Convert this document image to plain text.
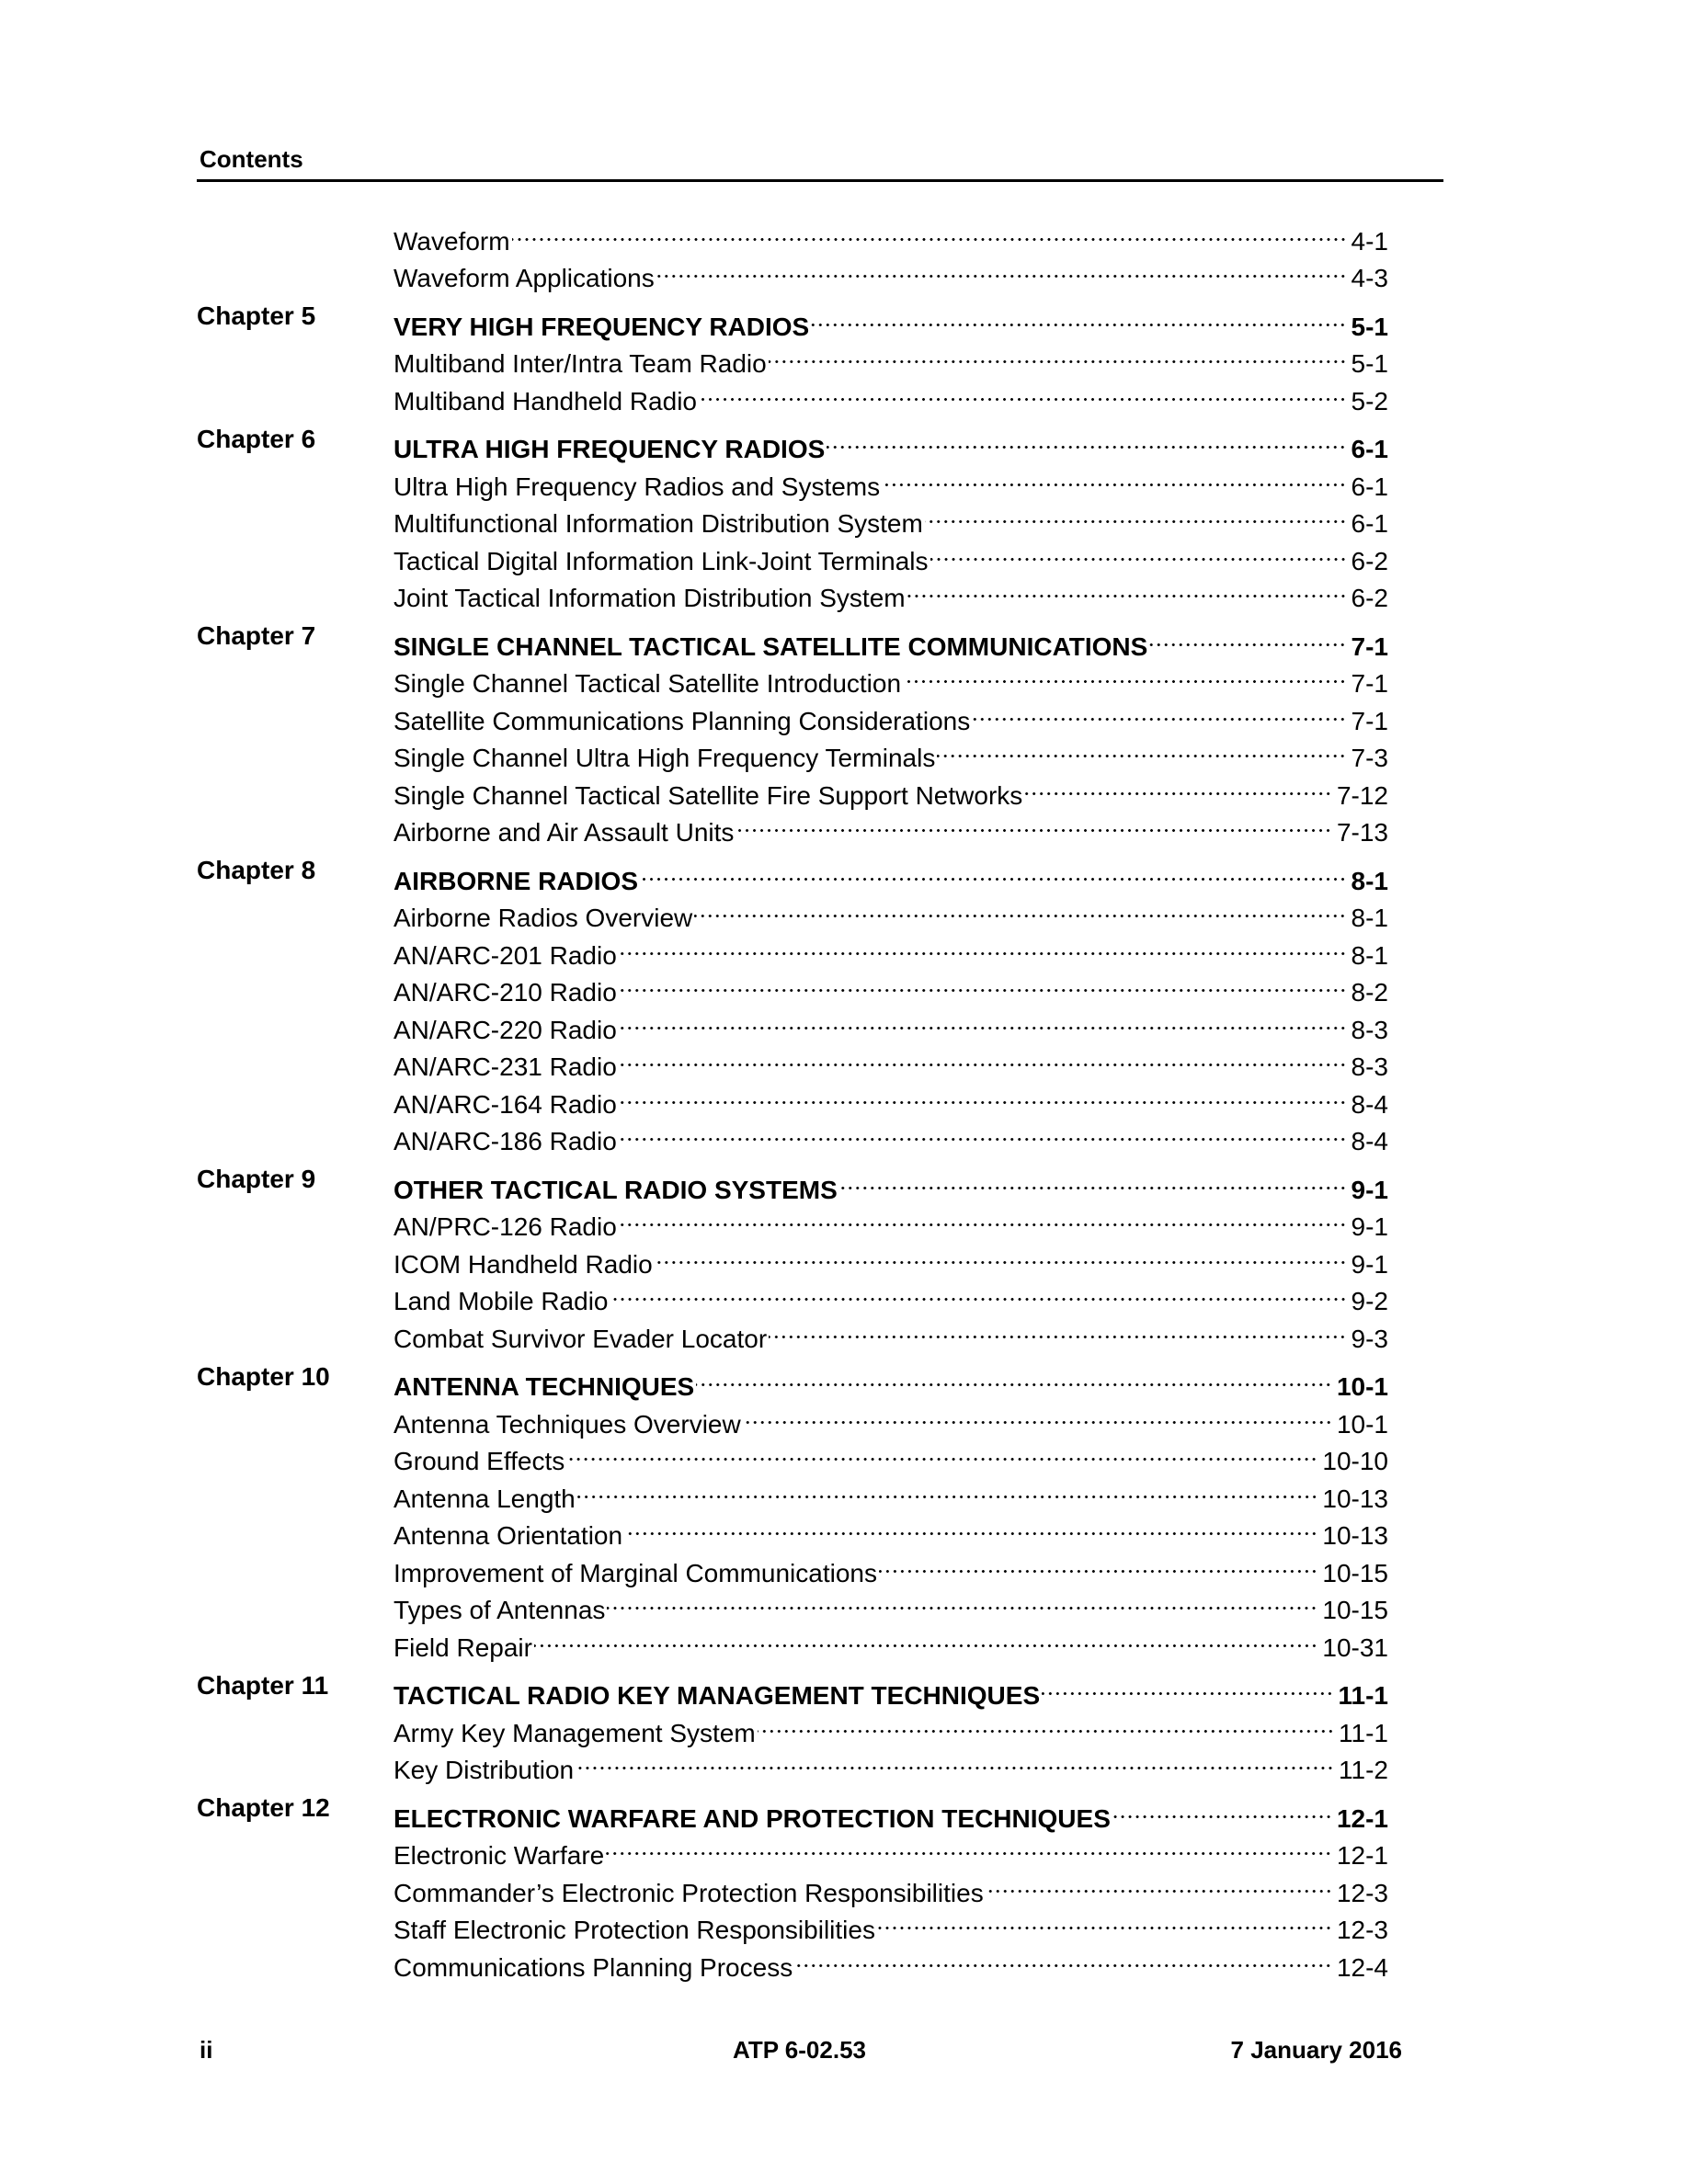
Contents
Waveform	4-1
Waveform Applications	4-3
Chapter 5	VERY HIGH FREQUENCY RADIOS	5-1
Multiband Inter/Intra Team Radio	5-1
Multiband Handheld Radio	5-2
Chapter 6	ULTRA HIGH FREQUENCY RADIOS	6-1
Ultra High Frequency Radios and Systems	6-1
Multifunctional Information Distribution System	6-1
Tactical Digital Information Link-Joint Terminals	6-2
Joint Tactical Information Distribution System	6-2
Chapter 7	SINGLE CHANNEL TACTICAL SATELLITE COMMUNICATIONS	7-1
Single Channel Tactical Satellite Introduction	7-1
Satellite Communications Planning Considerations	7-1
Single Channel Ultra High Frequency Terminals	7-3
Single Channel Tactical Satellite Fire Support Networks	7-12
Airborne and Air Assault Units	7-13
Chapter 8	AIRBORNE RADIOS	8-1
Airborne Radios Overview	8-1
AN/ARC-201 Radio	8-1
AN/ARC-210 Radio	8-2
AN/ARC-220 Radio	8-3
AN/ARC-231 Radio	8-3
AN/ARC-164 Radio	8-4
AN/ARC-186 Radio	8-4
Chapter 9	OTHER TACTICAL RADIO SYSTEMS	9-1
AN/PRC-126 Radio	9-1
ICOM Handheld Radio	9-1
Land Mobile Radio	9-2
Combat Survivor Evader Locator	9-3
Chapter 10 ANTENNA TECHNIQUES	10-1
Antenna Techniques Overview	10-1
Ground Effects	10-10
Antenna Length	10-13
Antenna Orientation	10-13
Improvement of Marginal Communications	10-15
Types of Antennas	10-15
Field Repair	10-31
Chapter 11	TACTICAL RADIO KEY MANAGEMENT TECHNIQUES	11-1
Army Key Management System	11-1
Key Distribution	11-2
Chapter 12 ELECTRONIC WARFARE AND PROTECTION TECHNIQUES	12-1
Electronic Warfare	12-1
Commander’s Electronic Protection Responsibilities	12-3
Staff Electronic Protection Responsibilities	12-3
Communications Planning Process	12-4
ii	ATP 6-02.53	7 January 2016
